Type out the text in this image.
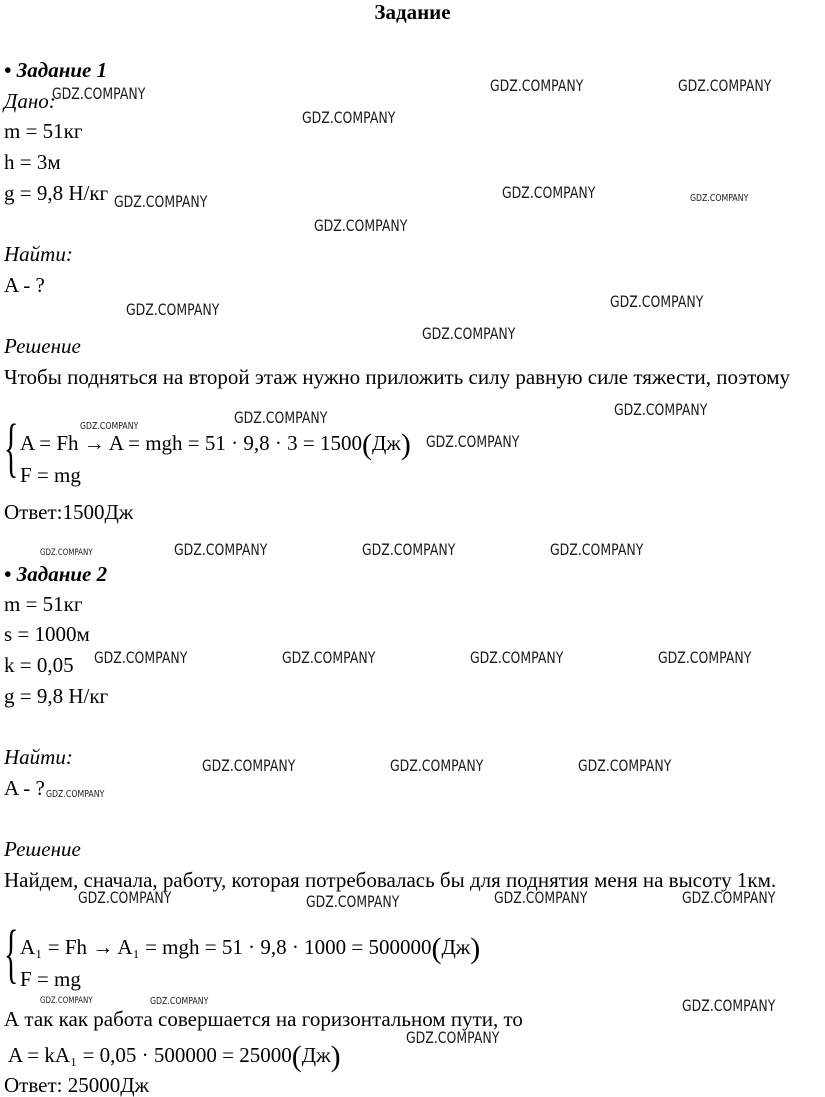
Задание
• Задание 1
Дано:
m = 51кг
h = 3м
g = 9,8 Н/кг
Найти:
A - ?
Решение
Чтобы подняться на второй этаж нужно приложить силу равную силе тяжести, поэтому
{ A = Fh → A = mgh = 51 · 9,8 · 3 = 1500(Дж)
F = mg
Ответ:1500Дж
• Задание 2
m = 51кг
s = 1000м
k = 0,05
g = 9,8 Н/кг
Найти:
A - ?
Решение
Найдем, сначала, работу, которая потребовалась бы для поднятия меня на высоту 1км.
{ A₁ = Fh → A₁ = mgh = 51 · 9,8 · 1000 = 500000(Дж)
F = mg
А так как работа совершается на горизонтальном пути, то
A = kA₁ = 0,05 · 500000 = 25000(Дж)
Ответ: 25000Дж
GDZ.COMPANY	GDZ.COMPANY	GDZ.COMPANY
GDZ.COMPANY
GDZ.COMPANY	GDZ.COMPANY
GDZ.COMPANY
GDZ.COMPANY
GDZ.COMPANY
GDZ.COMPANY
GDZ.COMPANY
GDZ.COMPANY	GDZ.COMPANY
GDZ.COMPANY
GDZ.COMPANY
GDZ.COMPANY	GDZ.COMPANY	GDZ.COMPANY	GDZ.COMPANY
GDZ.COMPANY	GDZ.COMPANY	GDZ.COMPANY	GDZ.COMPANY
GDZ.COMPANY	GDZ.COMPANY	GDZ.COMPANY
GDZ.COMPANY
GDZ.COMPANY	GDZ.COMPANY	GDZ.COMPANY	GDZ.COMPANY
GDZ.COMPANY	GDZ.COMPANY	GDZ.COMPANY
GDZ.COMPANY
